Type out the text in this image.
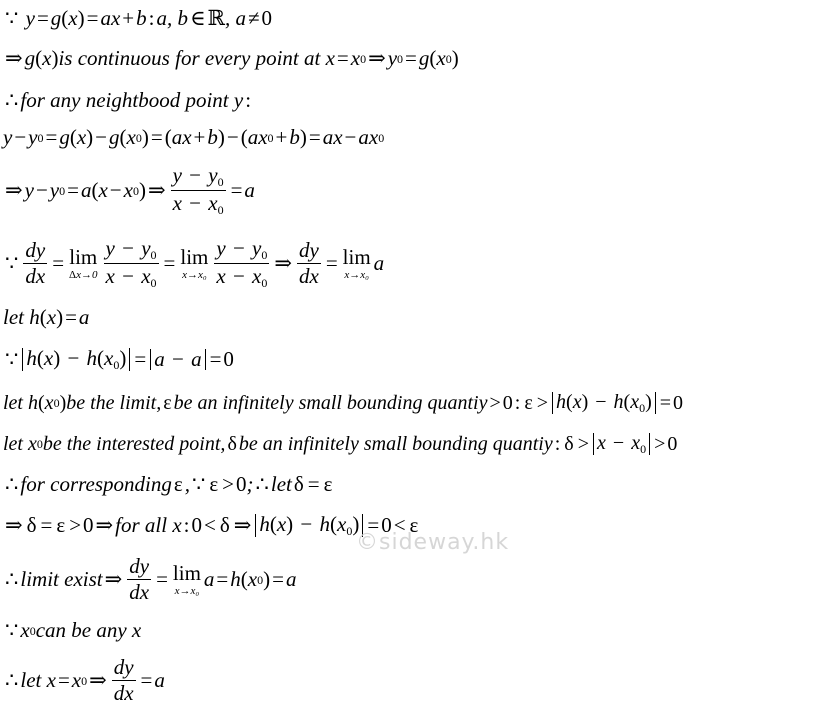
∵ y = g ( x ) = ax + b : a, b ∈ ℝ , a ≠ 0
⇒ g ( x ) is continuous for every point at x = x 0 ⇒ y 0 = g ( x 0 )
∴ for any neightbood point y :
y − y 0 = g ( x ) − g ( x 0 ) = ( ax + b ) − ( ax 0 + b ) = ax − ax 0
⇒ y − y 0 = a ( x − x 0 ) ⇒ $\frac{y - y_0}{x - x_0} = a$
∵ $\frac{dy}{dx} = \lim$
$\Delta x\to 0 \frac{y - y_0}{x - x_0} = \lim$
$x\to x_0 \frac{y - y_0}{x - x_0}$ ⇒ $\frac{dy}{dx} = \lim$
x→x₀ a
let h ( x ) = a
∵ $h(x) - h(x_0) = a - a = 0$
let h ( x 0 ) be the limit, ε be an infinitely small bounding quantiy > 0 : $\varepsilon > h(x) - h(x_0) = 0$
let x 0 be the interested point, δ be an infinitely small bounding quantiy : $\delta > x - x_0 > 0$
∴ for corresponding ε , ∵ ε > 0 ; ∴ let δ = ε
⇒ δ = ε > 0 ⇒ for all x : 0 < δ ⇒ $h(x) - h(x_0) = 0 < \varepsilon$
∴ limit exist ⇒ $\frac{dy}{dx} = \lim$
x→x₀ a = h ( x 0 ) = a
∵ x 0 can be any x
∴ let x = x 0 ⇒ $\frac{dy}{dx} = a$
©sideway.hk
